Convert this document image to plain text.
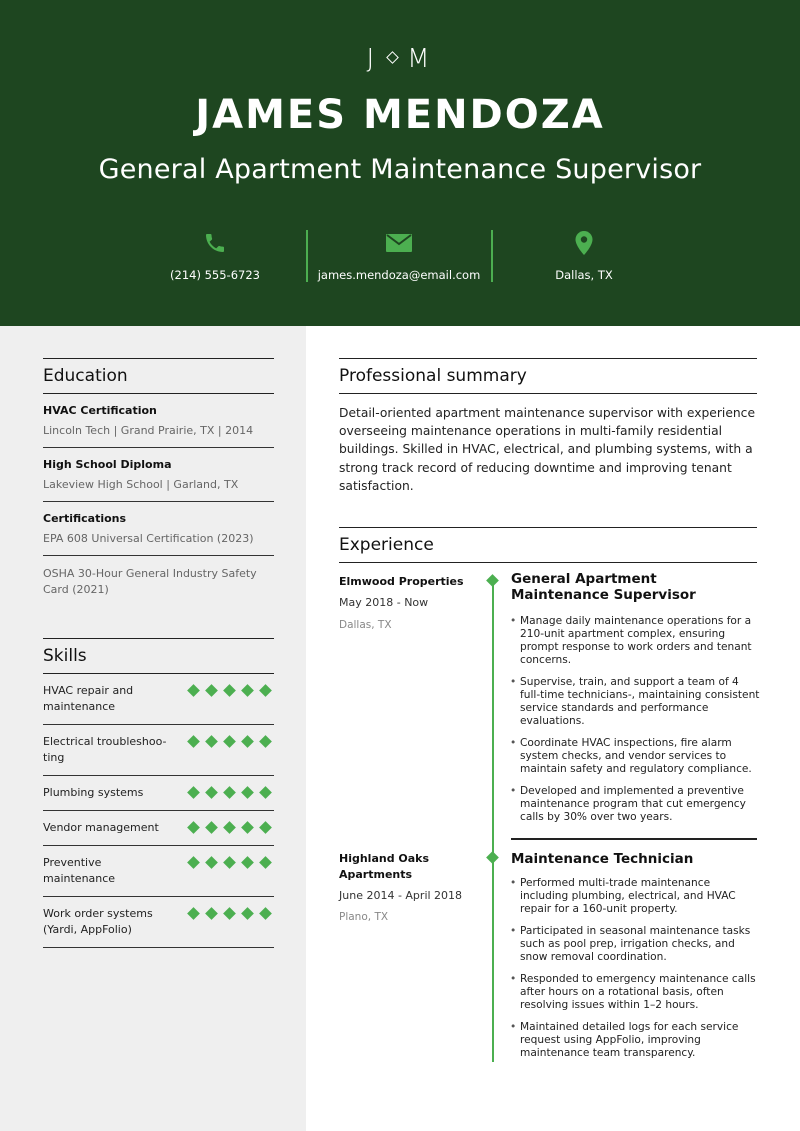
J M
JAMES MENDOZA
General Apartment Maintenance Supervisor
(214) 555-6723	james.mendoza@email.com	Dallas, TX
Education
HVAC Certification
Lincoln Tech | Grand Prairie, TX | 2014
High School Diploma
Lakeview High School | Garland, TX
Certifications
EPA 608 Universal Certification (2023)
OSHA 30-Hour General Industry Safety Card (2021)
Skills
HVAC repair and maintenance
Electrical troubleshoo-ting
Plumbing systems
Vendor management
Preventive maintenance
Work order systems (Yardi, AppFolio)
Professional summary
Detail-oriented apartment maintenance supervisor with experience overseeing maintenance operations in multi-family residential buildings. Skilled in HVAC, electrical, and plumbing systems, with a strong track record of reducing downtime and improving tenant satisfaction.
Experience
Elmwood Properties
May 2018 - Now
Dallas, TX
General Apartment Maintenance Supervisor
• Manage daily maintenance operations for a 210-unit apartment complex, ensuring prompt response to work orders and tenant concerns.
• Supervise, train, and support a team of 4 full-time technicians-, maintaining consistent service standards and performance evaluations.
• Coordinate HVAC inspections, fire alarm system checks, and vendor services to maintain safety and regulatory compliance.
• Developed and implemented a preventive maintenance program that cut emergency calls by 30% over two years.
Highland Oaks Apartments
June 2014 - April 2018
Plano, TX
Maintenance Technician
• Performed multi-trade maintenance including plumbing, electrical, and HVAC repair for a 160-unit property.
• Participated in seasonal maintenance tasks such as pool prep, irrigation checks, and snow removal coordination.
• Responded to emergency maintenance calls after hours on a rotational basis, often resolving issues within 1–2 hours.
• Maintained detailed logs for each service request using AppFolio, improving maintenance team transparency.
